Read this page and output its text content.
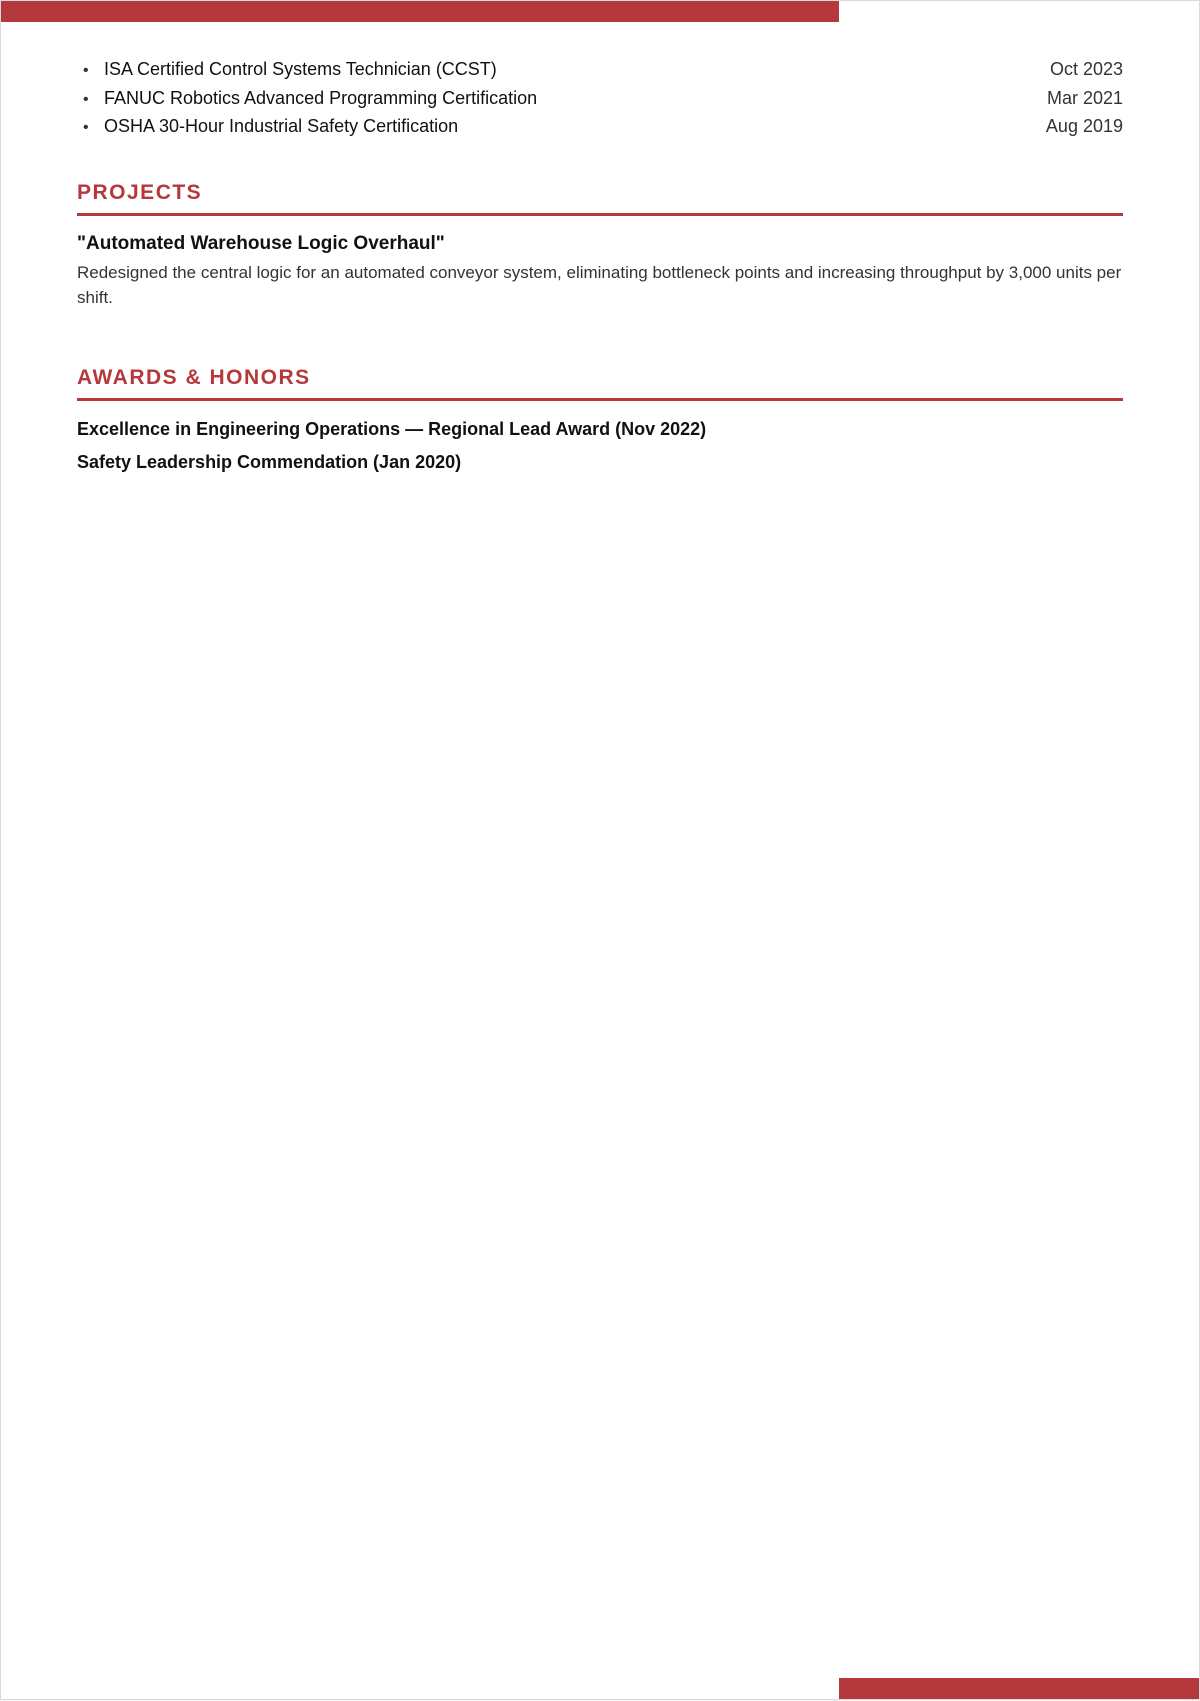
• ISA Certified Control Systems Technician (CCST)	Oct 2023
• FANUC Robotics Advanced Programming Certification	Mar 2021
• OSHA 30-Hour Industrial Safety Certification	Aug 2019
PROJECTS
"Automated Warehouse Logic Overhaul"
Redesigned the central logic for an automated conveyor system, eliminating bottleneck points and increasing throughput by 3,000 units per shift.
AWARDS & HONORS
Excellence in Engineering Operations — Regional Lead Award (Nov 2022)
Safety Leadership Commendation (Jan 2020)
